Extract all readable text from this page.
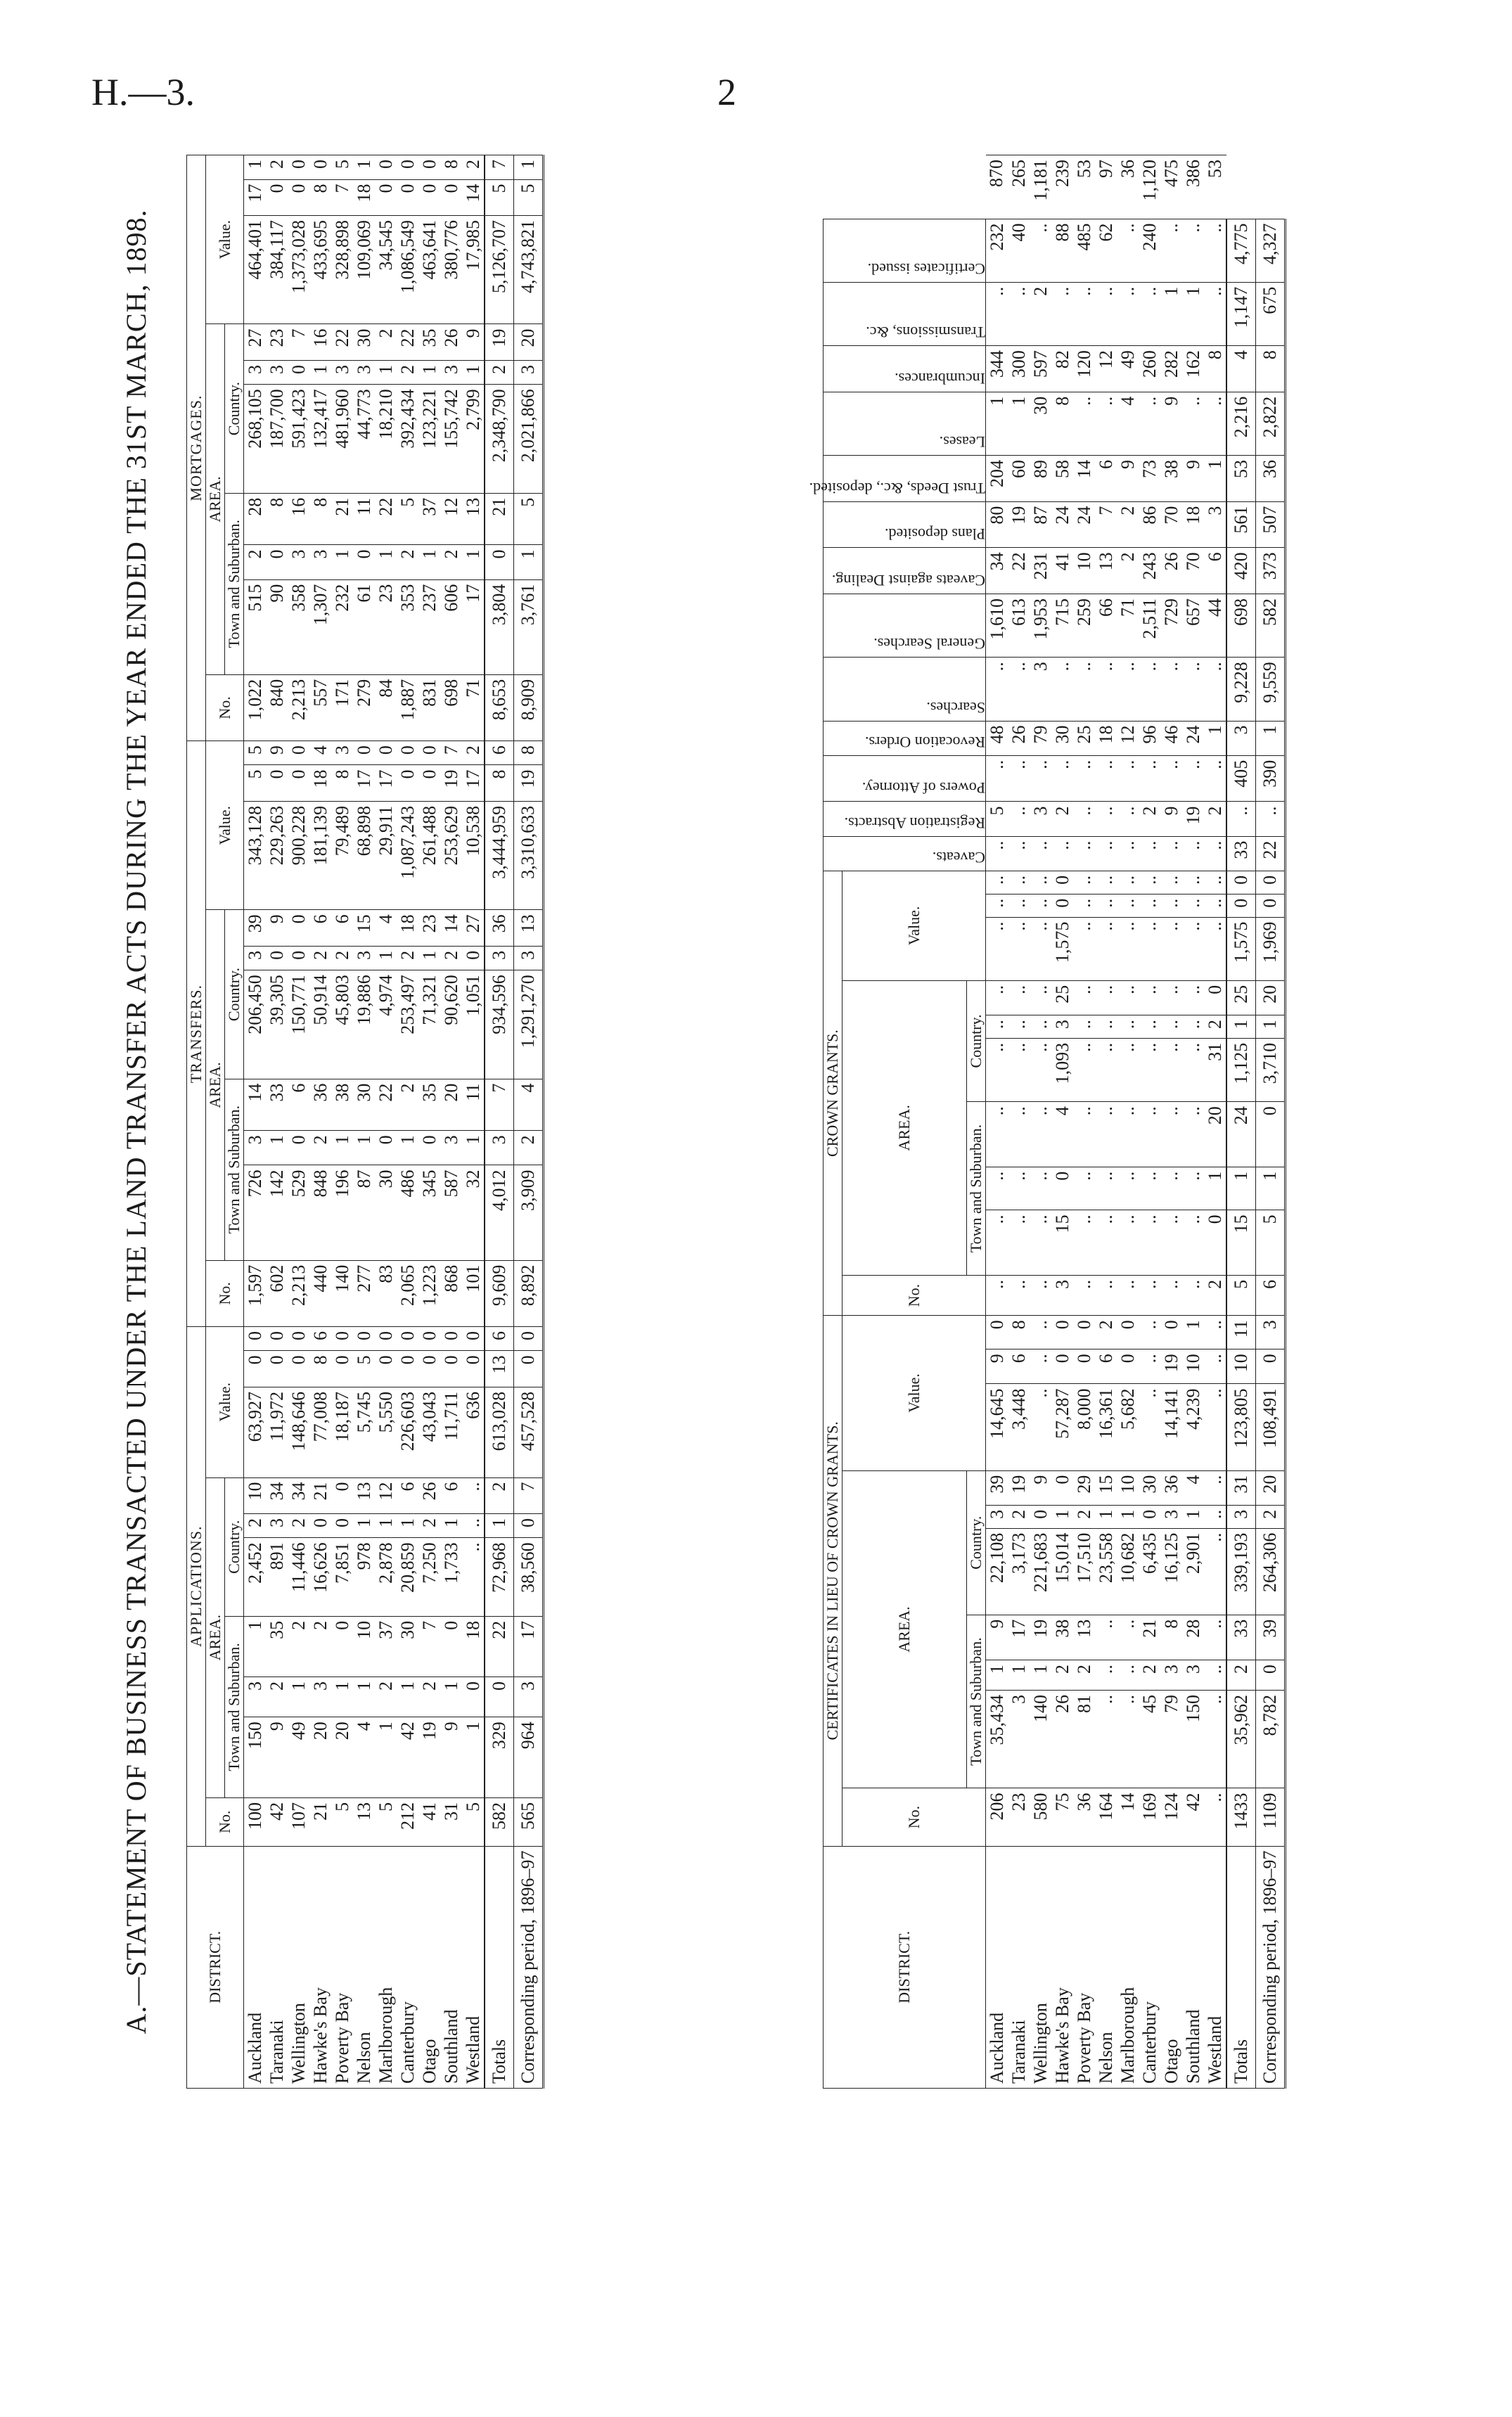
H.—3.	2
A.—STATEMENT OF BUSINESS TRANSACTED UNDER THE LAND TRANSFER ACTS DURING THE YEAR ENDED THE 31ST MARCH, 1898.	DISTRICT.	APPLICATIONS.										TRANSFERS.										MORTGAGES.									
	No.	AREA.						Value.			No.	AREA.						Value.			No.	AREA.						Value.		
		Town and Suburban.			Country.							Town and Suburban.			Country.							Town and Suburban.			Country.					
Auckland	100	150	3	1	2,452	2	10	63,927	0	0	1,597	726	3	14	206,450	3	39	343,128	5	5	1,022	515	2	28	268,105	3	27	464,401	17	1
Taranaki	42	9	2	35	891	3	34	11,972	0	0	602	142	1	33	39,305	0	9	229,263	0	9	840	90	0	8	187,700	3	23	384,117	0	2
Wellington	107	49	1	2	11,446	2	34	148,646	0	0	2,213	529	0	6	150,771	0	0	900,228	0	0	2,213	358	3	16	591,423	0	7	1,373,028	0	0
Hawke's Bay	21	20	3	2	16,626	0	21	77,008	8	6	440	848	2	36	50,914	2	6	181,139	18	4	557	1,307	3	8	132,417	1	16	433,695	8	0
Poverty Bay	5	20	1	0	7,851	0	0	18,187	0	0	140	196	1	38	45,803	2	6	79,489	8	3	171	232	1	21	481,960	3	22	328,898	7	5
Nelson	13	4	1	10	978	1	13	5,745	5	0	277	87	1	30	19,886	3	15	68,898	17	0	279	61	0	11	44,773	3	30	109,069	18	1
Marlborough	5	1	2	37	2,878	1	12	5,550	0	0	83	30	0	22	4,974	1	4	29,911	17	0	84	23	1	22	18,210	1	2	34,545	0	0
Canterbury	212	42	1	30	20,859	1	6	226,603	0	0	2,065	486	1	2	253,497	2	18	1,087,243	0	0	1,887	353	2	5	392,434	2	22	1,086,549	0	0
Otago	41	19	2	7	7,250	2	26	43,043	0	0	1,223	345	0	35	71,321	1	23	261,488	0	0	831	237	1	37	123,221	1	35	463,641	0	0
Southland	31	9	1	0	1,733	1	6	11,711	0	0	868	587	3	20	90,620	2	14	253,629	19	7	698	606	2	12	155,742	3	26	380,776	0	8
Westland	5	1	0	18	..	..	..	636	0	0	101	32	1	11	1,051	0	27	10,538	17	2	71	17	1	13	2,799	1	9	17,985	14	2
Totals	582	329	0	22	72,968	1	2	613,028	13	6	9,609	4,012	3	7	934,596	3	36	3,444,959	8	6	8,653	3,804	0	21	2,348,790	2	19	5,126,707	5	7
Corresponding period, 1896–97	565	964	3	17	38,560	0	7	457,528	0	0	8,892	3,909	2	4	1,291,270	3	13	3,310,633	19	8	8,909	3,761	1	5	2,021,866	3	20	4,743,821	5	1
DISTRICT.	CERTIFICATES IN LIEU OF CROWN GRANTS.										CROWN GRANTS.										Caveats.	Registration Abstracts.	Powers of Attorney.	Revocation Orders.	Searches.	General Searches.	Caveats against Dealing.	Plans deposited.	Trust Deeds, &c., deposited.	Leases.	Incumbrances.	Transmissions, &c.	Certificates issued.	

	No.	AREA.						Value.			No.	AREA.						Value.																
		Town and Suburban.			Country.							Town and Suburban.			Country.																			
Auckland	206	35,434	1	9	22,108	3	39	14,645	9	0	..	..	..	..	..	..	..	..	..	..	..	5	..	48	..	1,610	34	80	204	1	344	..	232	870
Taranaki	23	3	1	17	3,173	2	19	3,448	6	8	..	..	..	..	..	..	..	..	..	..	..	..	..	26	..	613	22	19	60	1	300	..	40	265
Wellington	580	140	1	19	221,683	0	9	..	..	..	..	..	..	..	..	..	..	..	..	..	..	3	..	79	3	1,953	231	87	89	30	597	2	..	1,181
Hawke's Bay	75	26	2	38	15,014	1	0	57,287	0	0	3	15	0	4	1,093	3	25	1,575	0	0	..	2	..	30	..	715	41	24	58	8	82	..	88	239
Poverty Bay	36	81	2	13	17,510	2	29	8,000	0	0	..	..	..	..	..	..	..	..	..	..	..	..	..	25	..	259	10	24	14	..	120	..	485	53
Nelson	164	..	..	..	23,558	1	15	16,361	6	2	..	..	..	..	..	..	..	..	..	..	..	..	..	18	..	66	13	7	6	..	12	..	62	97
Marlborough	14	..	..	..	10,682	1	10	5,682	0	0	..	..	..	..	..	..	..	..	..	..	..	..	..	12	..	71	2	2	9	4	49	..	..	36
Canterbury	169	45	2	21	6,435	0	30	..	..	..	..	..	..	..	..	..	..	..	..	..	..	2	..	96	..	2,511	243	86	73	..	260	..	240	1,120
Otago	124	79	3	8	16,125	3	36	14,141	19	0	..	..	..	..	..	..	..	..	..	..	..	9	..	46	..	729	26	70	38	9	282	1	..	475
Southland	42	150	3	28	2,901	1	4	4,239	10	1	..	..	..	..	..	..	..	..	..	..	..	19	..	24	..	657	70	18	9	..	162	1	..	386
Westland	..	..	..	..	..	..	..	..	..	..	2	0	1	20	31	2	0	..	..	..	..	2	..	1	..	44	6	3	1	..	8	..	..	53
Totals	1433	35,962	2	33	339,193	3	31	123,805	10	11	5	15	1	24	1,125	1	25	1,575	0	0	33	..	405	3	9,228	698	420	561	53	2,216	4	1,147	4,775	
Corresponding period, 1896–97	1109	8,782	0	39	264,306	2	20	108,491	0	3	6	5	1	0	3,710	1	20	1,969	0	0	22	..	390	1	9,559	582	373	507	36	2,822	8	675	4,327	
